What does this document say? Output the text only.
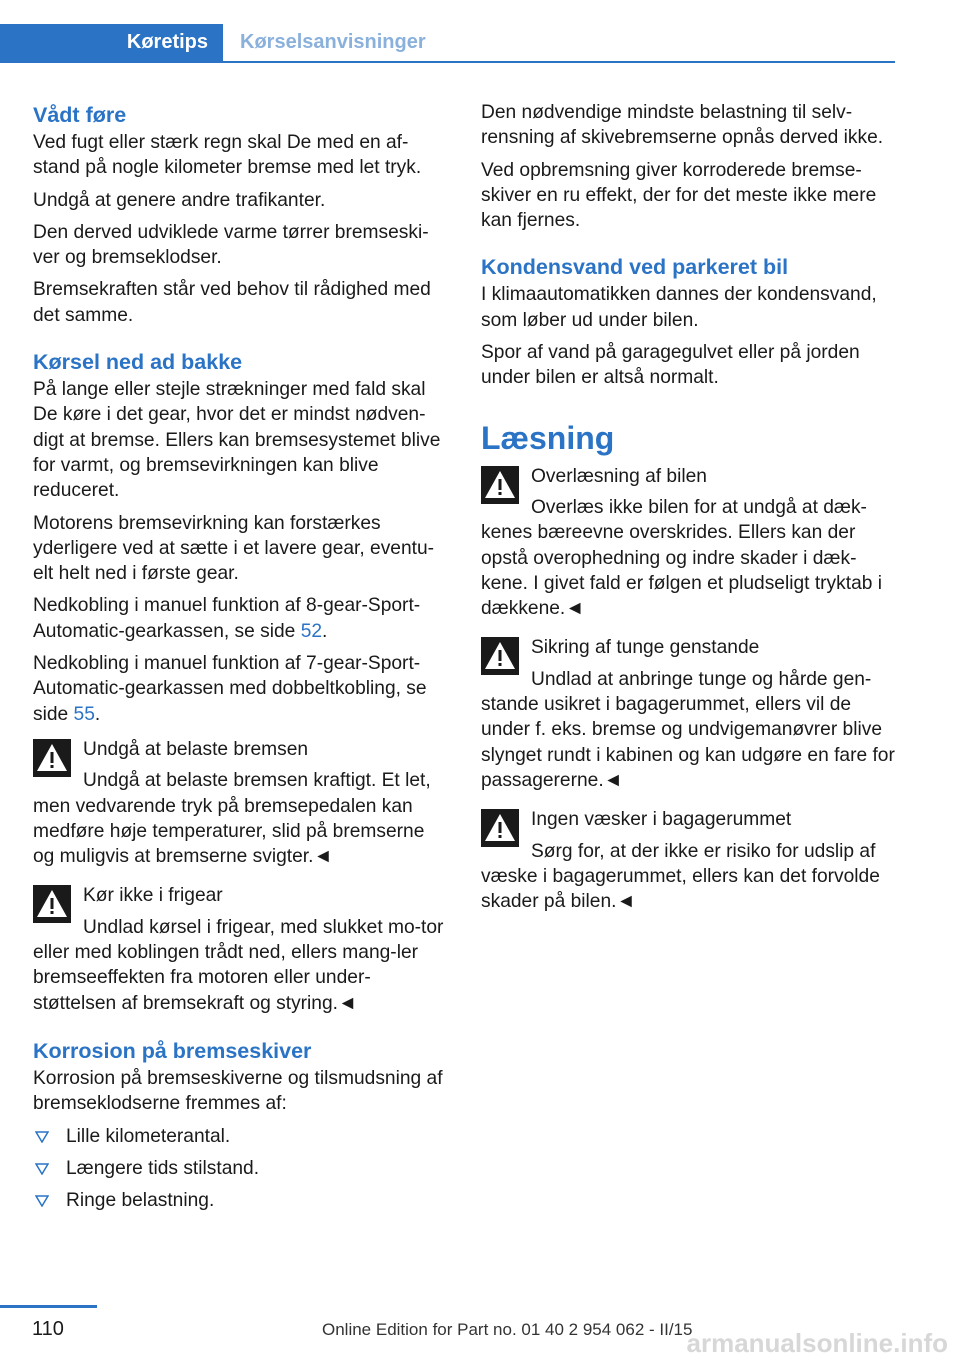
Køretips	Kørselsanvisninger
Vådt føre

Ved fugt eller stærk regn skal De med en af-stand på nogle kilometer bremse med let tryk.

Undgå at genere andre trafikanter.

Den derved udviklede varme tørrer bremseski-ver og bremseklodser.

Bremsekraften står ved behov til rådighed med det samme.

Kørsel ned ad bakke

På lange eller stejle strækninger med fald skal De køre i det gear, hvor det er mindst nødven-digt at bremse. Ellers kan bremsesystemet blive for varmt, og bremsevirkningen kan blive reduceret.

Motorens bremsevirkning kan forstærkes yderligere ved at sætte i et lavere gear, eventu-elt helt ned i første gear.

Nedkobling i manuel funktion af 8-gear-Sport-Automatic-gearkassen, se side 52.

Nedkobling i manuel funktion af 7-gear-Sport-Automatic-gearkassen med dobbeltkobling, se side 55.

Undgå at belaste bremsen

Undgå at belaste bremsen kraftigt. Et let, men vedvarende tryk på bremsepedalen kan medføre høje temperaturer, slid på bremserne og muligvis at bremserne svigter.◄

Kør ikke i frigear

Undlad kørsel i frigear, med slukket mo-tor eller med koblingen trådt ned, ellers mang-ler bremseeffekten fra motoren eller under-støttelsen af bremsekraft og styring.◄

Korrosion på bremseskiver

Korrosion på bremseskiverne og tilsmudsning af bremseklodserne fremmes af:

Lille kilometerantal.
Længere tids stilstand.
Ringe belastning.

Den nødvendige mindste belastning til selv-rensning af skivebremserne opnås derved ikke.

Ved opbremsning giver korroderede bremse-skiver en ru effekt, der for det meste ikke mere kan fjernes.

Kondensvand ved parkeret bil

I klimaautomatikken dannes der kondensvand, som løber ud under bilen.

Spor af vand på garagegulvet eller på jorden under bilen er altså normalt.

Læsning

Overlæsning af bilen

Overlæs ikke bilen for at undgå at dæk-kenes bæreevne overskrides. Ellers kan der opstå overophedning og indre skader i dæk-kene. I givet fald er følgen et pludseligt tryktab i dækkene.◄

Sikring af tunge genstande

Undlad at anbringe tunge og hårde gen-stande usikret i bagagerummet, ellers vil de under f. eks. bremse og undvigemanøvrer blive slynget rundt i kabinen og kan udgøre en fare for passagererne.◄

Ingen væsker i bagagerummet

Sørg for, at der ikke er risiko for udslip af væske i bagagerummet, ellers kan det forvolde skader på bilen.◄

110	Online Edition for Part no. 01 40 2 954 062 - II/15
armanualsonline.info
